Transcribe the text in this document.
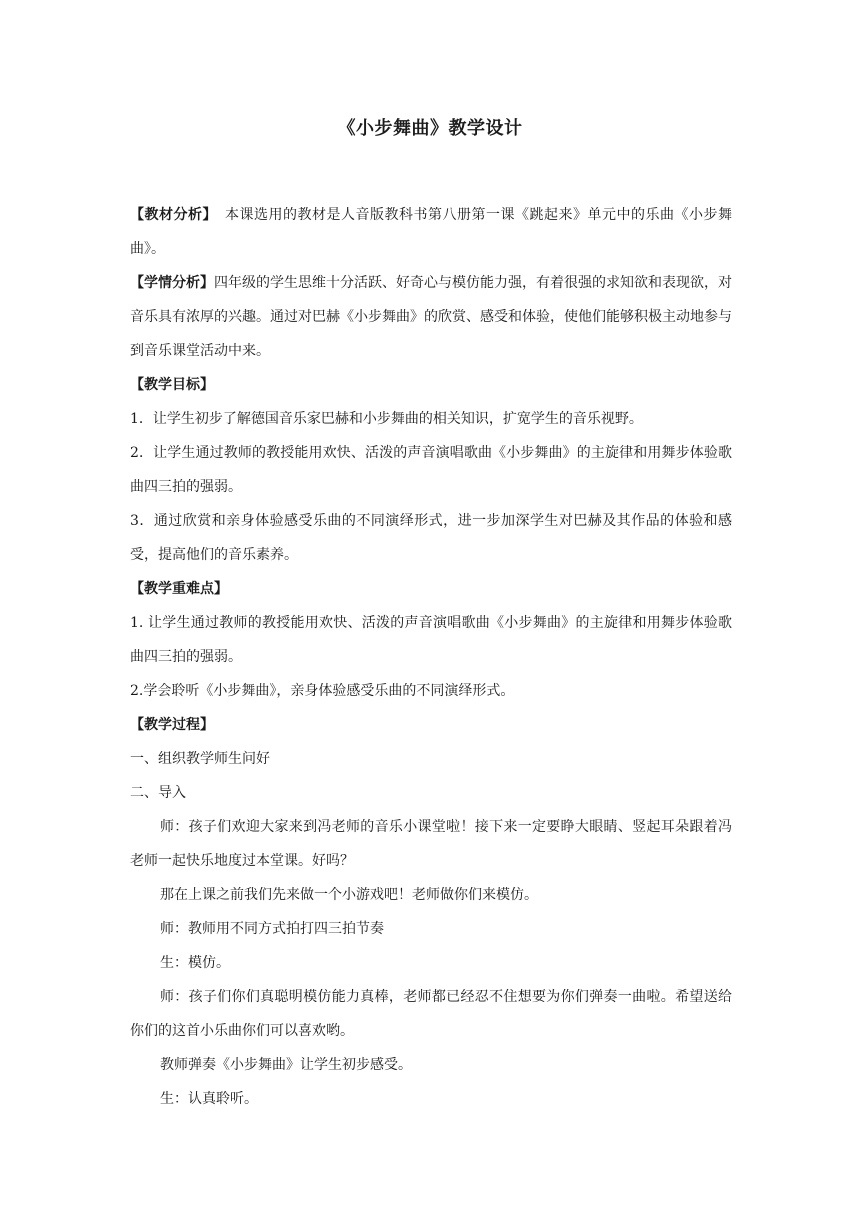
《小步舞曲》教学设计

【教材分析】 本课选用的教材是人音版教科书第八册第一课《跳起来》单元中的乐曲《小步舞曲》。

【学情分析】四年级的学生思维十分活跃、好奇心与模仿能力强，有着很强的求知欲和表现欲，对音乐具有浓厚的兴趣。通过对巴赫《小步舞曲》的欣赏、感受和体验，使他们能够积极主动地参与到音乐课堂活动中来。

【教学目标】

1．让学生初步了解德国音乐家巴赫和小步舞曲的相关知识，扩宽学生的音乐视野。

2．让学生通过教师的教授能用欢快、活泼的声音演唱歌曲《小步舞曲》的主旋律和用舞步体验歌曲四三拍的强弱。

3．通过欣赏和亲身体验感受乐曲的不同演绎形式，进一步加深学生对巴赫及其作品的体验和感受，提高他们的音乐素养。

【教学重难点】

1. 让学生通过教师的教授能用欢快、活泼的声音演唱歌曲《小步舞曲》的主旋律和用舞步体验歌曲四三拍的强弱。

2.学会聆听《小步舞曲》，亲身体验感受乐曲的不同演绎形式。

【教学过程】

一、组织教学师生问好

二、导入

师：孩子们欢迎大家来到冯老师的音乐小课堂啦！接下来一定要睁大眼睛、竖起耳朵跟着冯老师一起快乐地度过本堂课。好吗？

那在上课之前我们先来做一个小游戏吧！老师做你们来模仿。

师：教师用不同方式拍打四三拍节奏

生：模仿。

师：孩子们你们真聪明模仿能力真棒，老师都已经忍不住想要为你们弹奏一曲啦。希望送给你们的这首小乐曲你们可以喜欢哟。

教师弹奏《小步舞曲》让学生初步感受。

生：认真聆听。
